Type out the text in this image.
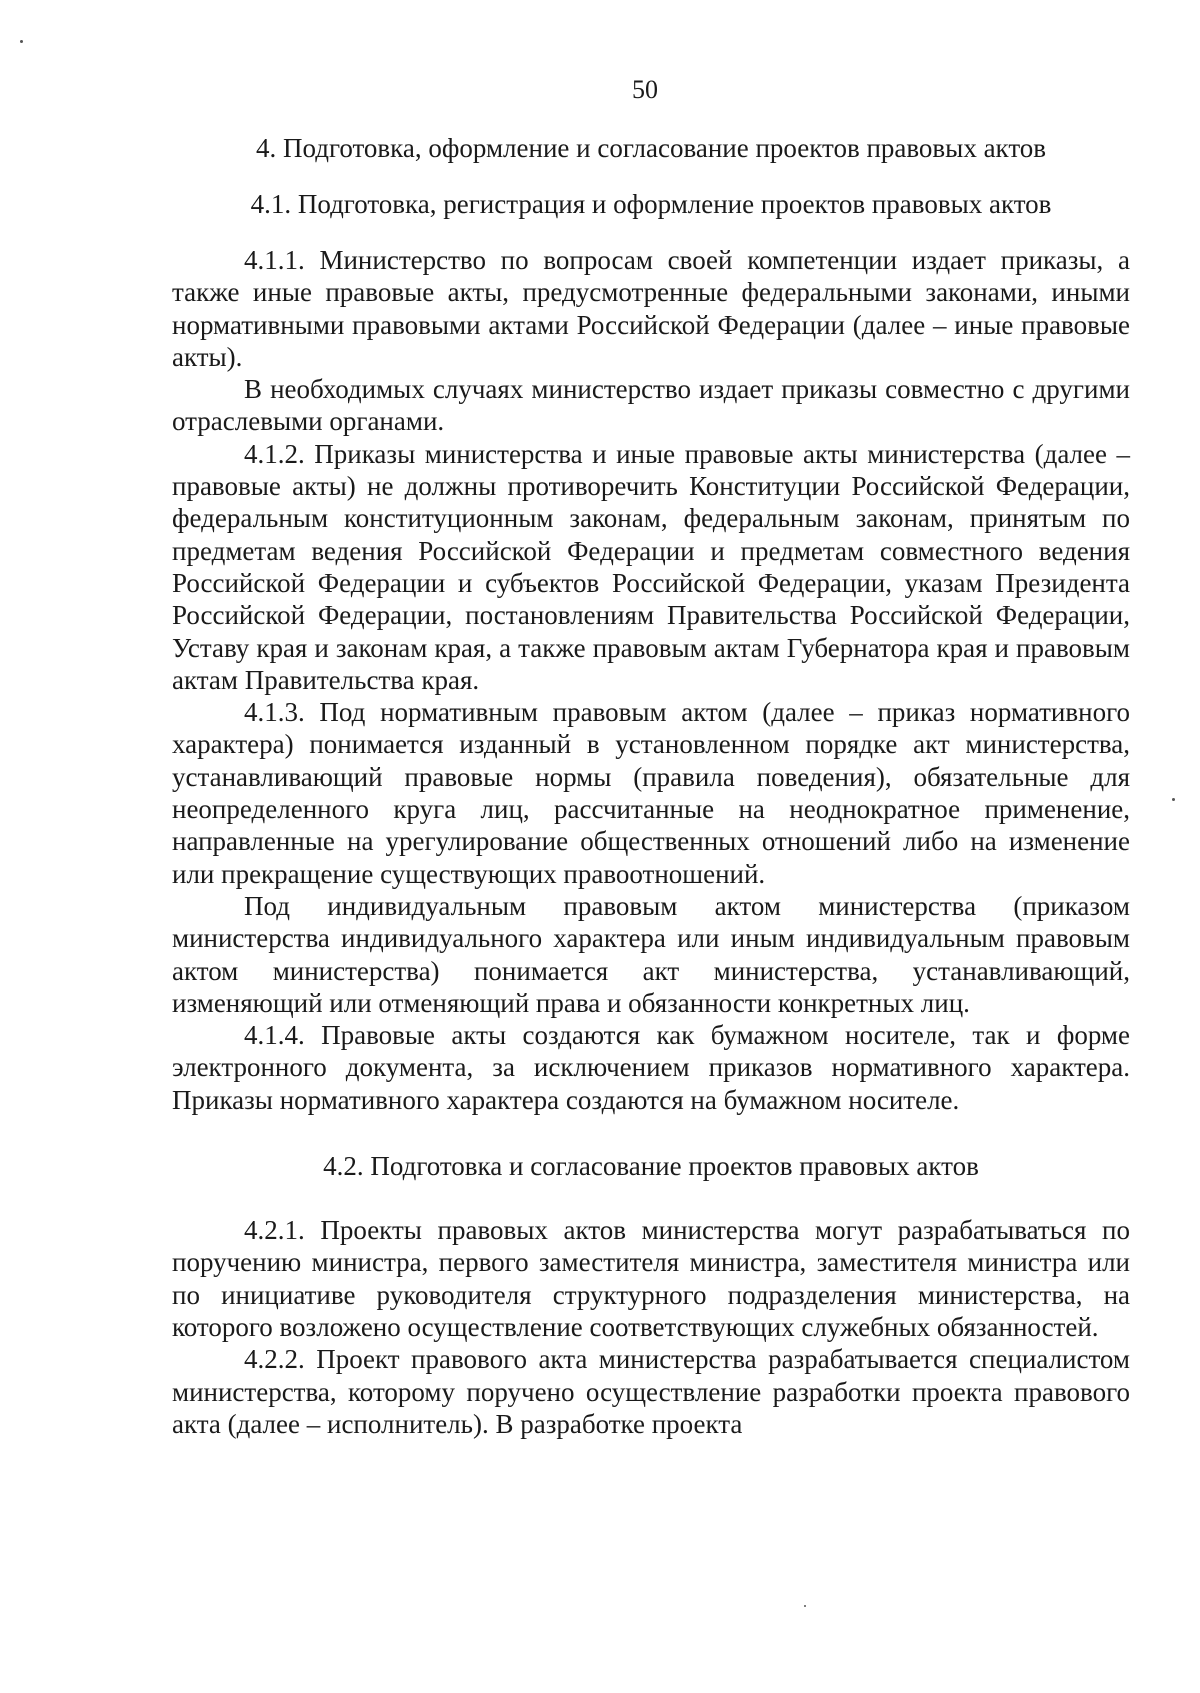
50
4. Подготовка, оформление и согласование проектов правовых актов
4.1. Подготовка, регистрация и оформление проектов правовых актов

4.1.1. Министерство по вопросам своей компетенции издает приказы, а также иные правовые акты, предусмотренные федеральными законами, иными нормативными правовыми актами Российской Федерации (далее – иные правовые акты).

В необходимых случаях министерство издает приказы совместно с другими отраслевыми органами.

4.1.2. Приказы министерства и иные правовые акты министерства (далее – правовые акты) не должны противоречить Конституции Российской Федерации, федеральным конституционным законам, федеральным законам, принятым по предметам ведения Российской Федерации и предметам совместного ведения Российской Федерации и субъектов Российской Федерации, указам Президента Российской Федерации, постановлениям Правительства Российской Федерации, Уставу края и законам края, а также правовым актам Губернатора края и правовым актам Правительства края.

4.1.3. Под нормативным правовым актом (далее – приказ нормативного характера) понимается изданный в установленном порядке акт министерства, устанавливающий правовые нормы (правила поведения), обязательные для неопределенного круга лиц, рассчитанные на неоднократное применение, направленные на урегулирование общественных отношений либо на изменение или прекращение существующих правоотношений.

Под индивидуальным правовым актом министерства (приказом министерства индивидуального характера или иным индивидуальным правовым актом министерства) понимается акт министерства, устанавливающий, изменяющий или отменяющий права и обязанности конкретных лиц.

4.1.4. Правовые акты создаются как бумажном носителе, так и форме электронного документа, за исключением приказов нормативного характера. Приказы нормативного характера создаются на бумажном носителе.

4.2. Подготовка и согласование проектов правовых актов

4.2.1. Проекты правовых актов министерства могут разрабатываться по поручению министра, первого заместителя министра, заместителя министра или по инициативе руководителя структурного подразделения министерства, на которого возложено осуществление соответствующих служебных обязанностей.

4.2.2. Проект правового акта министерства разрабатывается специалистом министерства, которому поручено осуществление разработки проекта правового акта (далее – исполнитель). В разработке проекта
